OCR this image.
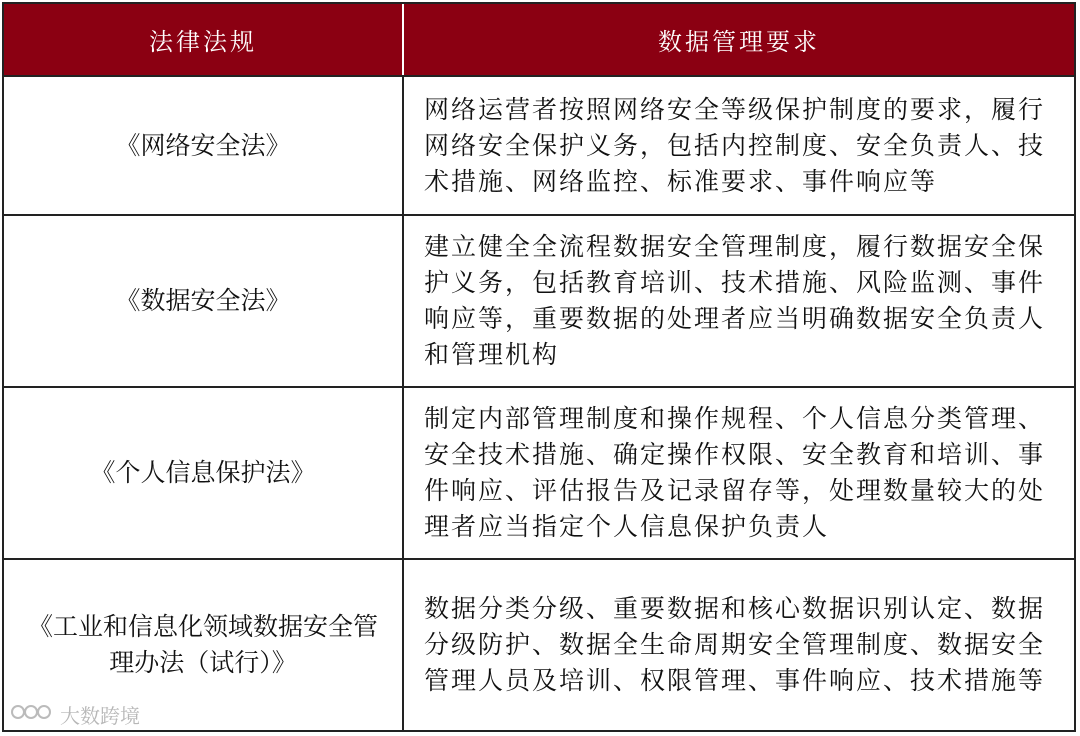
法律法规	数据管理要求
《网络安全法》
网络运营者按照网络安全等级保护制度的要求，履行网络安全保护义务，包括内控制度、安全负责人、技术措施、网络监控、标准要求、事件响应等
《数据安全法》
建立健全全流程数据安全管理制度，履行数据安全保护义务，包括教育培训、技术措施、风险监测、事件响应等，重要数据的处理者应当明确数据安全负责人和管理机构
《个人信息保护法》
制定内部管理制度和操作规程、个人信息分类管理、安全技术措施、确定操作权限、安全教育和培训、事件响应、评估报告及记录留存等，处理数量较大的处理者应当指定个人信息保护负责人
《工业和信息化领域数据安全管理办法（试行）》
数据分类分级、重要数据和核心数据识别认定、数据分级防护、数据全生命周期安全管理制度、数据安全管理人员及培训、权限管理、事件响应、技术措施等
大数跨境
